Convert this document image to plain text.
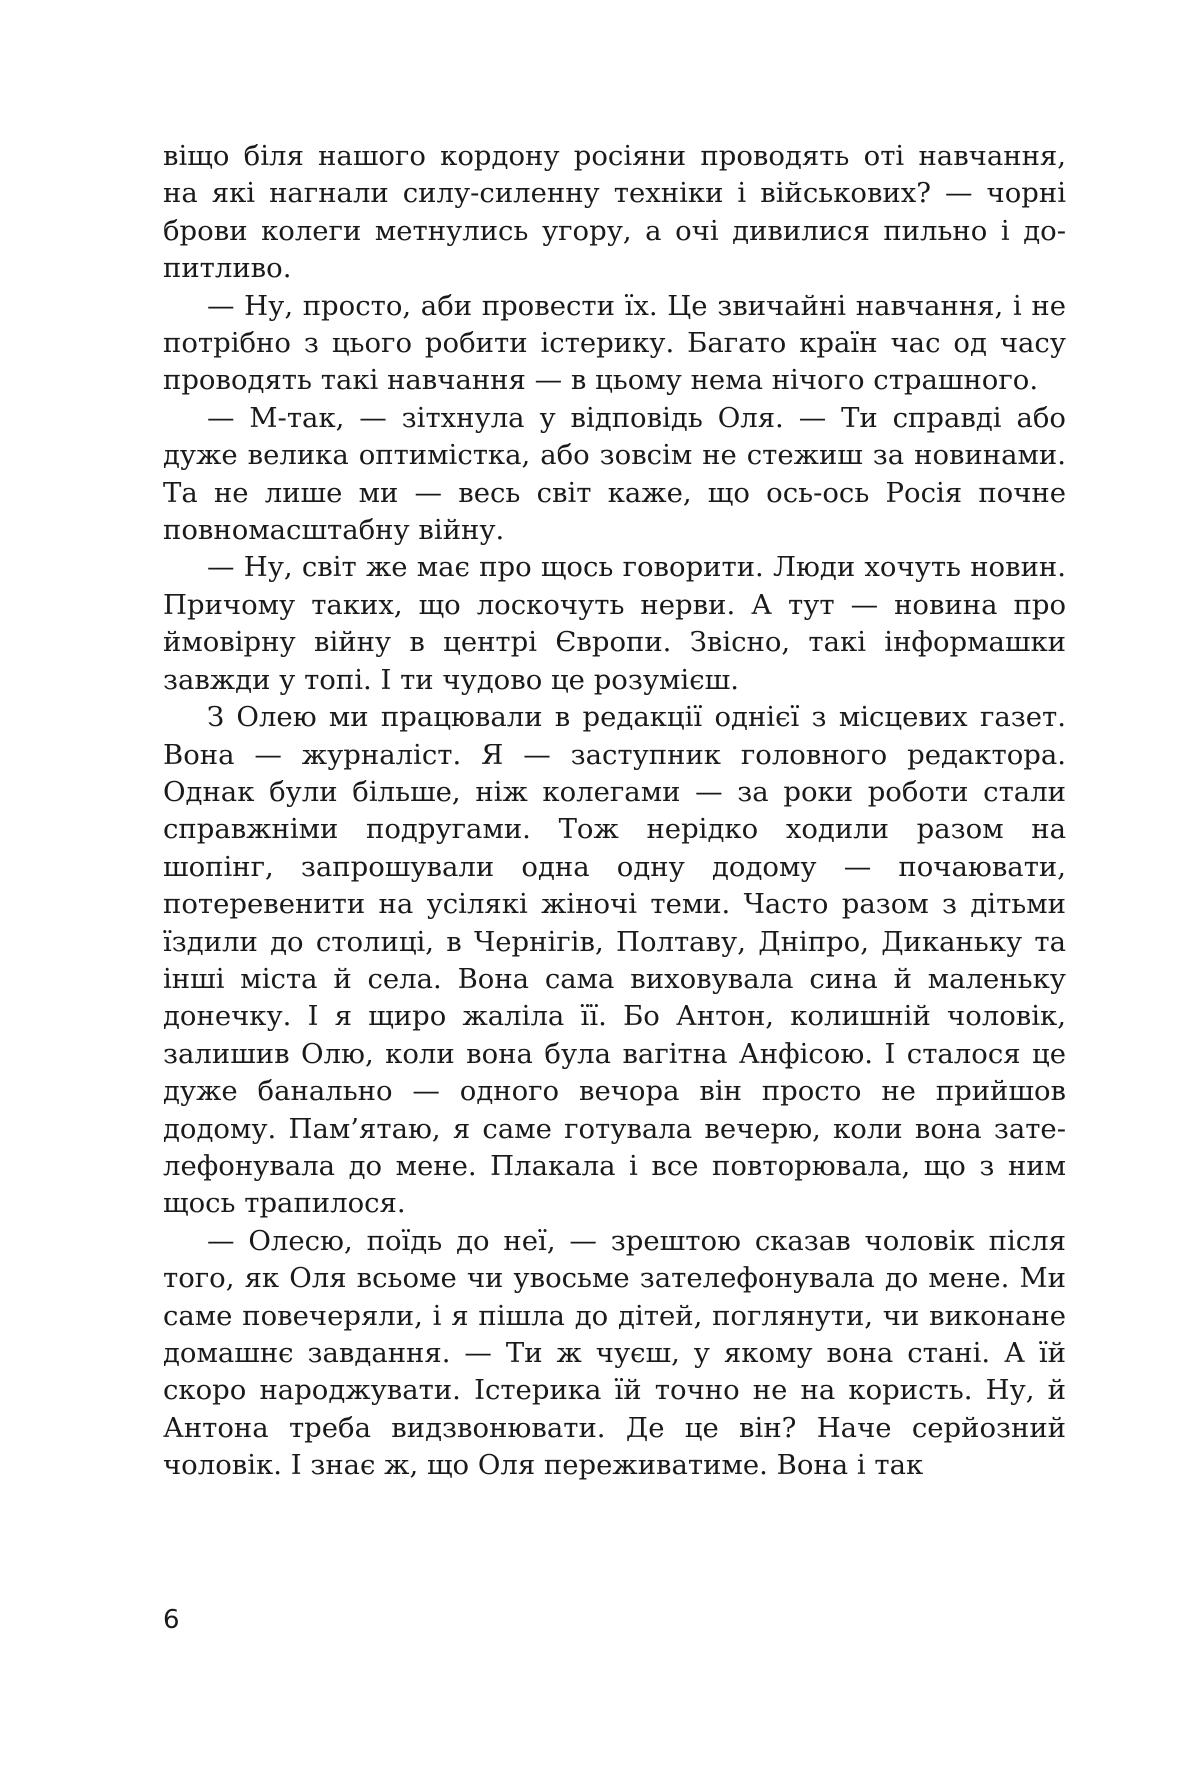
віщо біля нашого кордону росіяни проводять оті навчання, на які нагнали силу-силенну техніки і військових? — чорні брови колеги метнулись угору, а очі дивилися пильно і допитливо.

— Ну, просто, аби провести їх. Це звичайні навчання, і не потрібно з цього робити істерику. Багато країн час од часу проводять такі навчання — в цьому нема нічого страшного.

— М-так, — зітхнула у відповідь Оля. — Ти справді або дуже велика оптимістка, або зовсім не стежиш за новинами. Та не лише ми — весь світ каже, що ось-ось Росія почне повномасштабну війну.

— Ну, світ же має про щось говорити. Люди хочуть новин. Причому таких, що лоскочуть нерви. А тут — новина про ймовірну війну в центрі Європи. Звісно, такі інформашки завжди у топі. І ти чудово це розумієш.

З Олею ми працювали в редакції однієї з місцевих газет. Вона — журналіст. Я — заступник головного редактора. Однак були більше, ніж колегами — за роки роботи стали справжніми подругами. Тож нерідко ходили разом на шопінг, запрошували одна одну додому — почаювати, потеревенити на усілякі жіночі теми. Часто разом з дітьми їздили до столиці, в Чернігів, Полтаву, Дніпро, Диканьку та інші міста й села. Вона сама виховувала сина й маленьку донечку. І я щиро жаліла її. Бо Антон, колишній чоловік, залишив Олю, коли вона була вагітна Анфісою. І сталося це дуже банально — одного вечора він просто не прийшов додому. Пам’ятаю, я саме готувала вечерю, коли вона зателефонувала до мене. Плакала і все повторювала, що з ним щось трапилося.

— Олесю, поїдь до неї, — зрештою сказав чоловік після того, як Оля всьоме чи увосьме зателефонувала до мене. Ми саме повечеряли, і я пішла до дітей, поглянути, чи виконане домашнє завдання. — Ти ж чуєш, у якому вона стані. А їй скоро народжувати. Істерика їй точно не на користь. Ну, й Антона треба видзвонювати. Де це він? Наче серйозний чоловік. І знає ж, що Оля переживатиме. Вона і так

6
